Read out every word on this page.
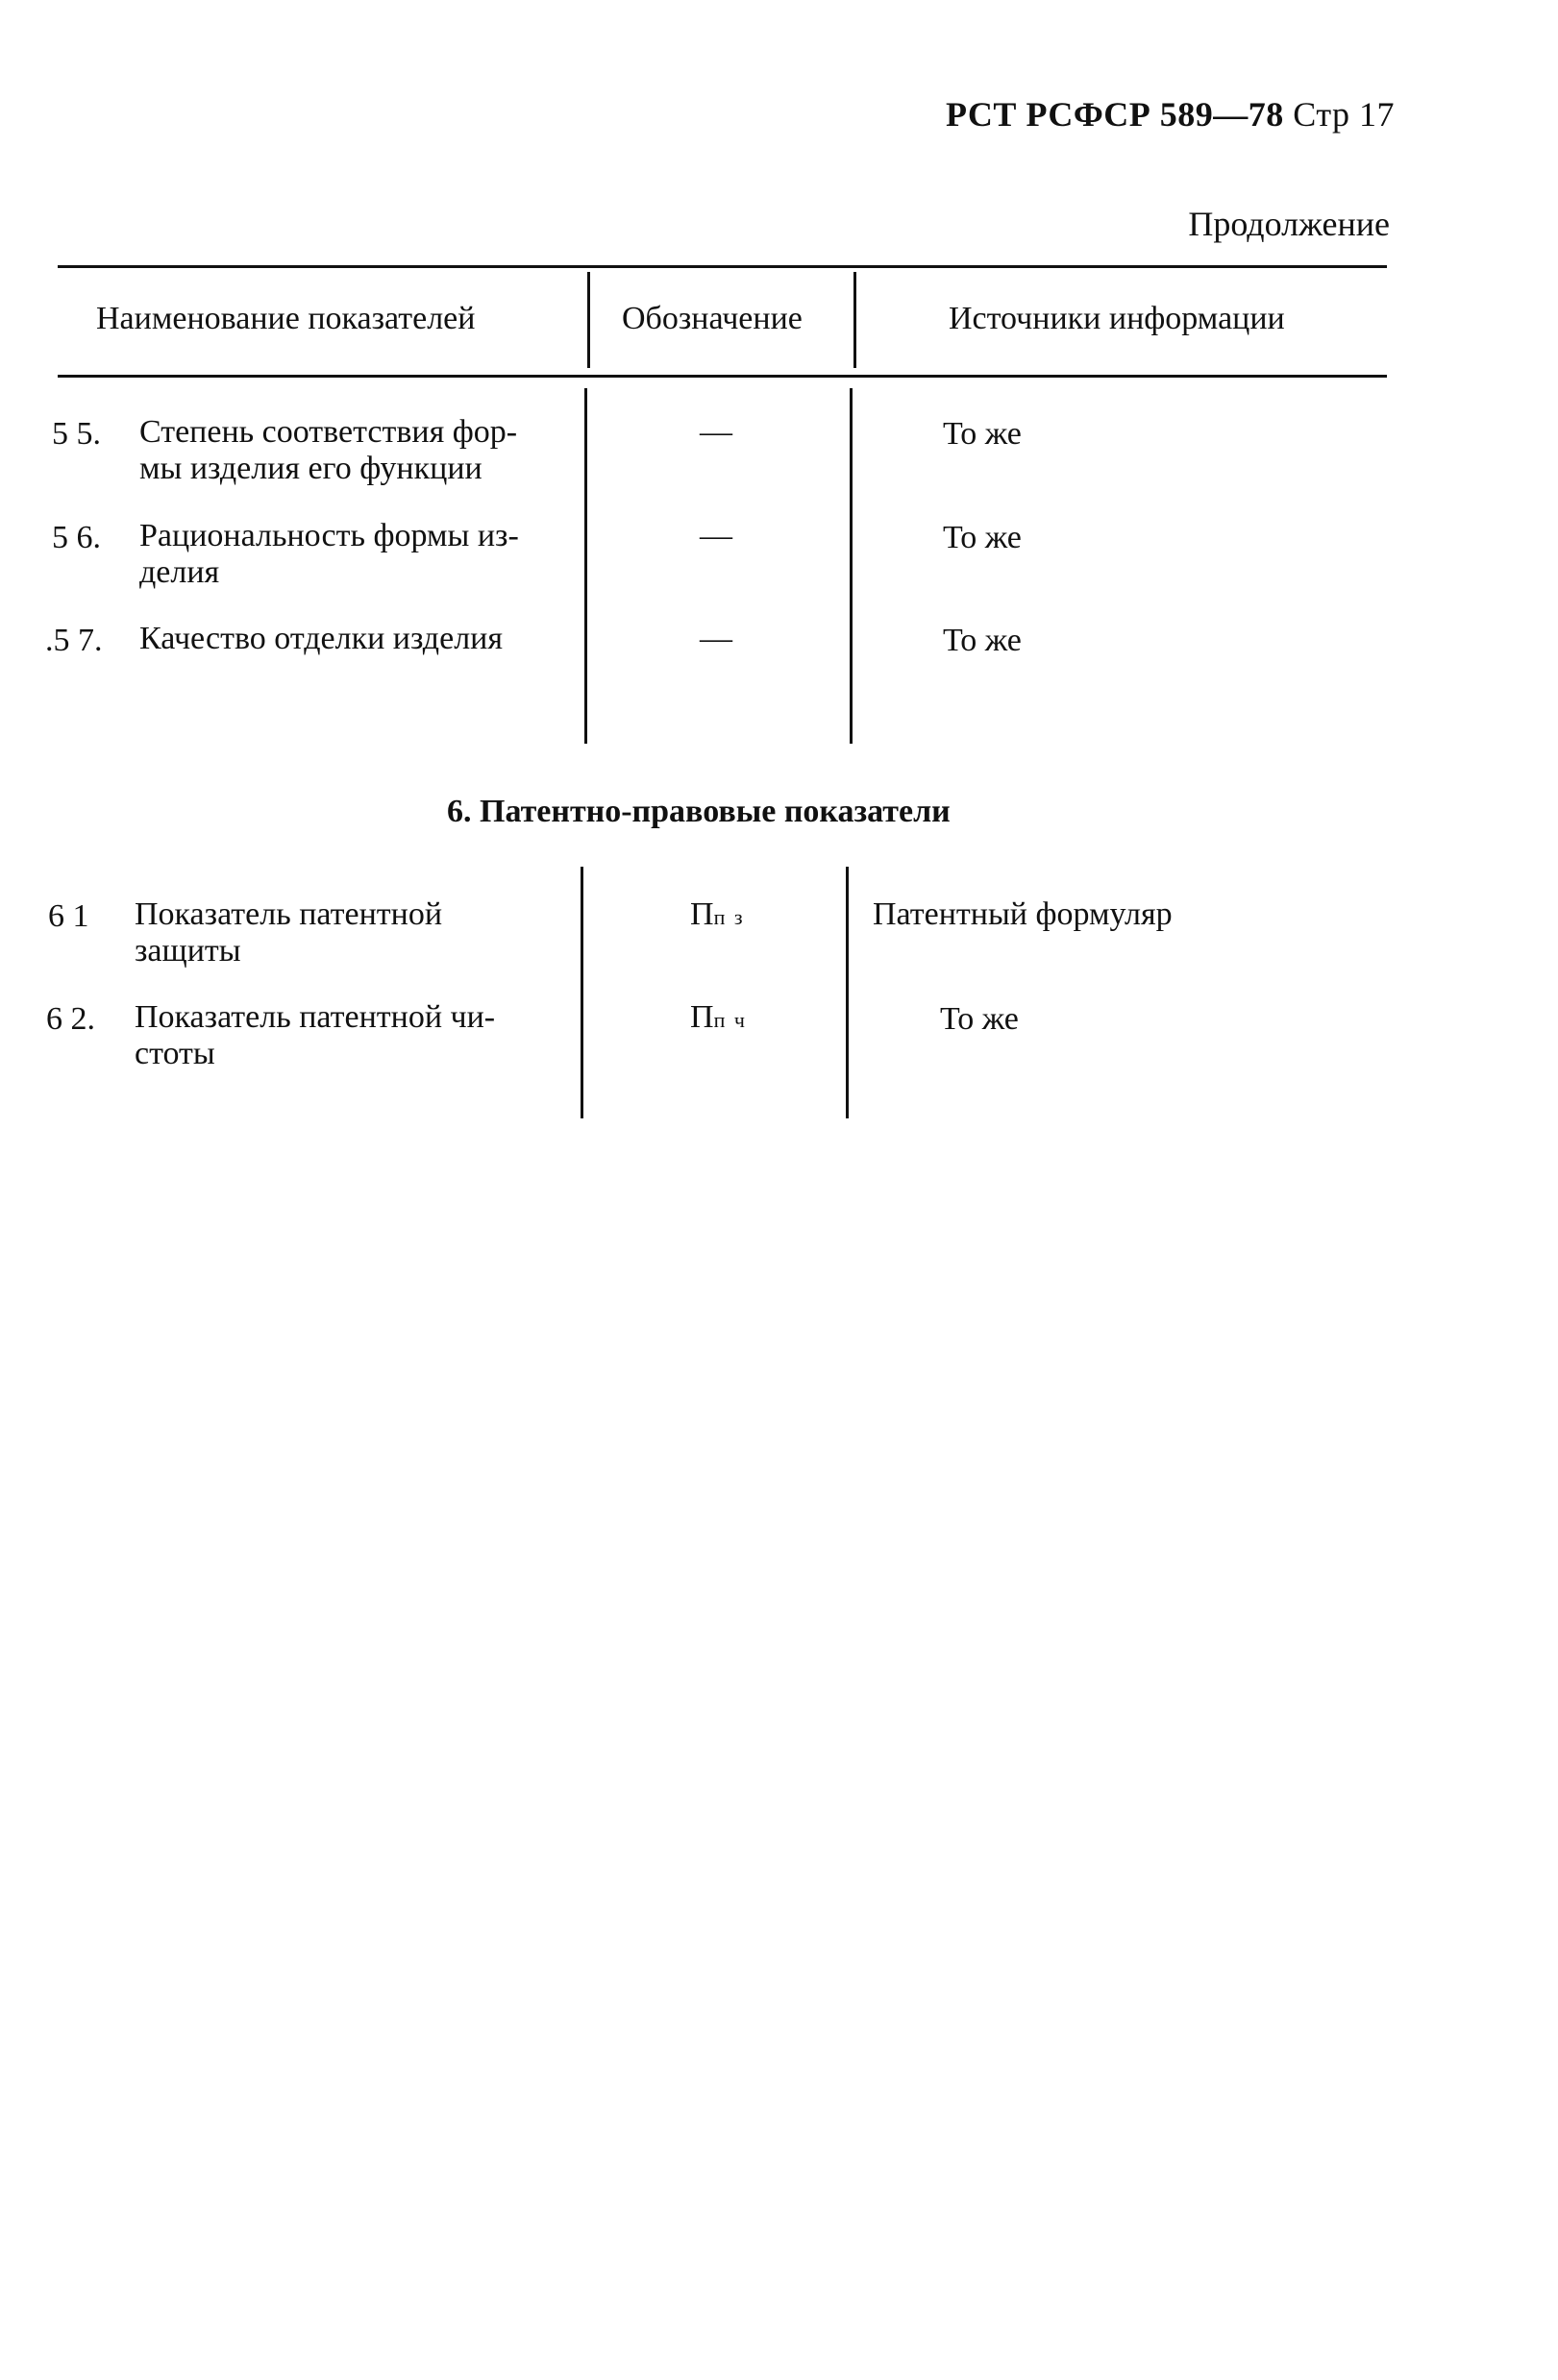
РСТ РСФСР 589—78 Стр 17
Продолжение
Наименование показателей	Обозначение	Источники информации
5 5. Степень соответствия фор-
мы изделия его функции
—	То же
5 6. Рациональность формы из-
делия
—	То же
.5 7. Качество отделки изделия	—	То же
6. Патентно-правовые показатели
6 1 Показатель патентной
защиты
Пп з	Патентный формуляр
6 2. Показатель патентной чи-
стоты
Пп ч	То же
